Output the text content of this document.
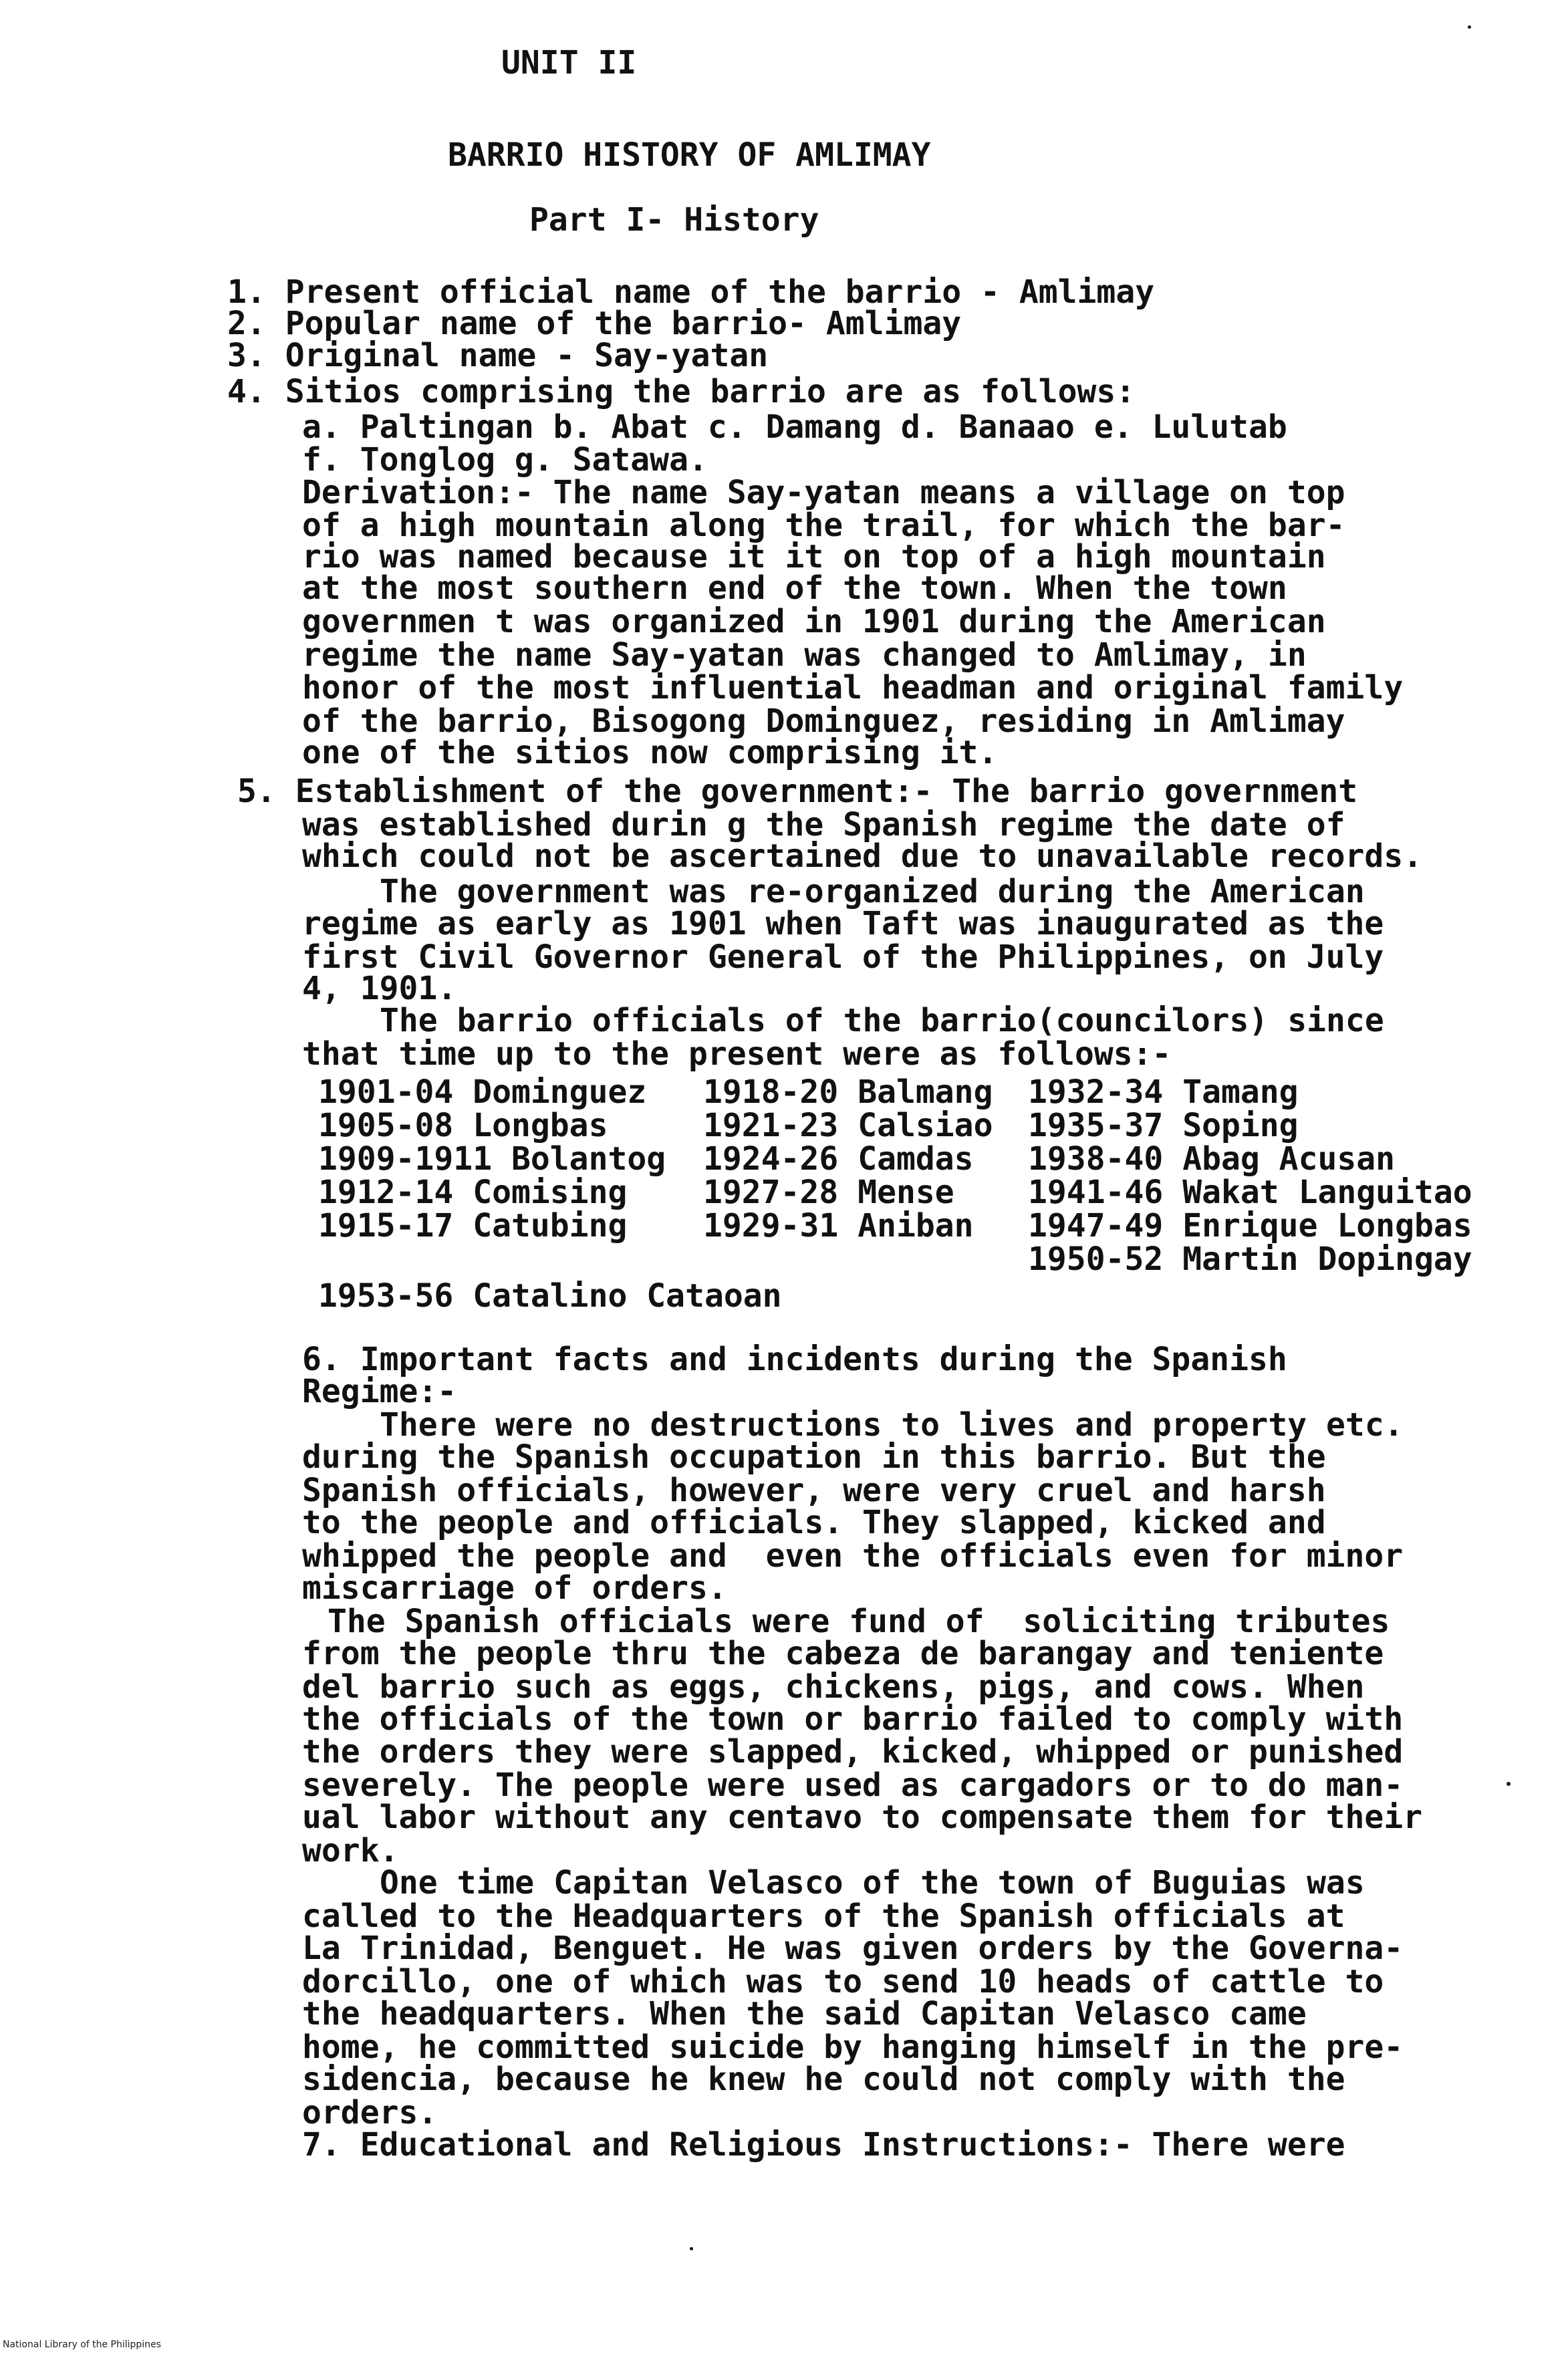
UNIT II
BARRIO HISTORY OF AMLIMAY
Part I- History
1. Present official name of the barrio - Amlimay
2. Popular name of the barrio- Amlimay
3. Original name - Say-yatan
4. Sitios comprising the barrio are as follows:
a. Paltingan b. Abat c. Damang d. Banaao e. Lulutab
f. Tonglog g. Satawa.
Derivation:- The name Say-yatan means a village on top
of a high mountain along the trail, for which the bar-
rio was named because it it on top of a high mountain
at the most southern end of the town. When the town
governmen t was organized in 1901 during the American
regime the name Say-yatan was changed to Amlimay, in
honor of the most influential headman and original family
of the barrio, Bisogong Dominguez, residing in Amlimay
one of the sitios now comprising it.
5. Establishment of the government:- The barrio government
was established durin g the Spanish regime the date of
which could not be ascertained due to unavailable records.
The government was re-organized during the American
regime as early as 1901 when Taft was inaugurated as the
first Civil Governor General of the Philippines, on July
4, 1901.
The barrio officials of the barrio(councilors) since
that time up to the present were as follows:-
1901-04 Dominguez 1918-20 Balmang 1932-34 Tamang
1905-08 Longbas	1921-23 Calsiao 1935-37 Soping
1909-1911 Bolantog 1924-26 Camdas 1938-40 Abag Acusan
1912-14 Comising 1927-28 Mense 1941-46 Wakat Languitao
1915-17 Catubing 1929-31 Aniban 1947-49 Enrique Longbas
1950-52 Martin Dopingay
1953-56 Catalino Cataoan
6. Important facts and incidents during the Spanish
Regime:-
There were no destructions to lives and property etc.
during the Spanish occupation in this barrio. But the
Spanish officials, however, were very cruel and harsh
to the people and officials. They slapped, kicked and
whipped the people and  even the officials even for minor
miscarriage of orders.
The Spanish officials were fund of  soliciting tributes
from the people thru the cabeza de barangay and teniente
del barrio such as eggs, chickens, pigs, and cows. When
the officials of the town or barrio failed to comply with
the orders they were slapped, kicked, whipped or punished
severely. The people were used as cargadors or to do man-
ual labor without any centavo to compensate them for their
work.
One time Capitan Velasco of the town of Buguias was
called to the Headquarters of the Spanish officials at
La Trinidad, Benguet. He was given orders by the Governa-
dorcillo, one of which was to send 10 heads of cattle to
the headquarters. When the said Capitan Velasco came
home, he committed suicide by hanging himself in the pre-
sidencia, because he knew he could not comply with the
orders.
7. Educational and Religious Instructions:- There were
National Library of the Philippines
